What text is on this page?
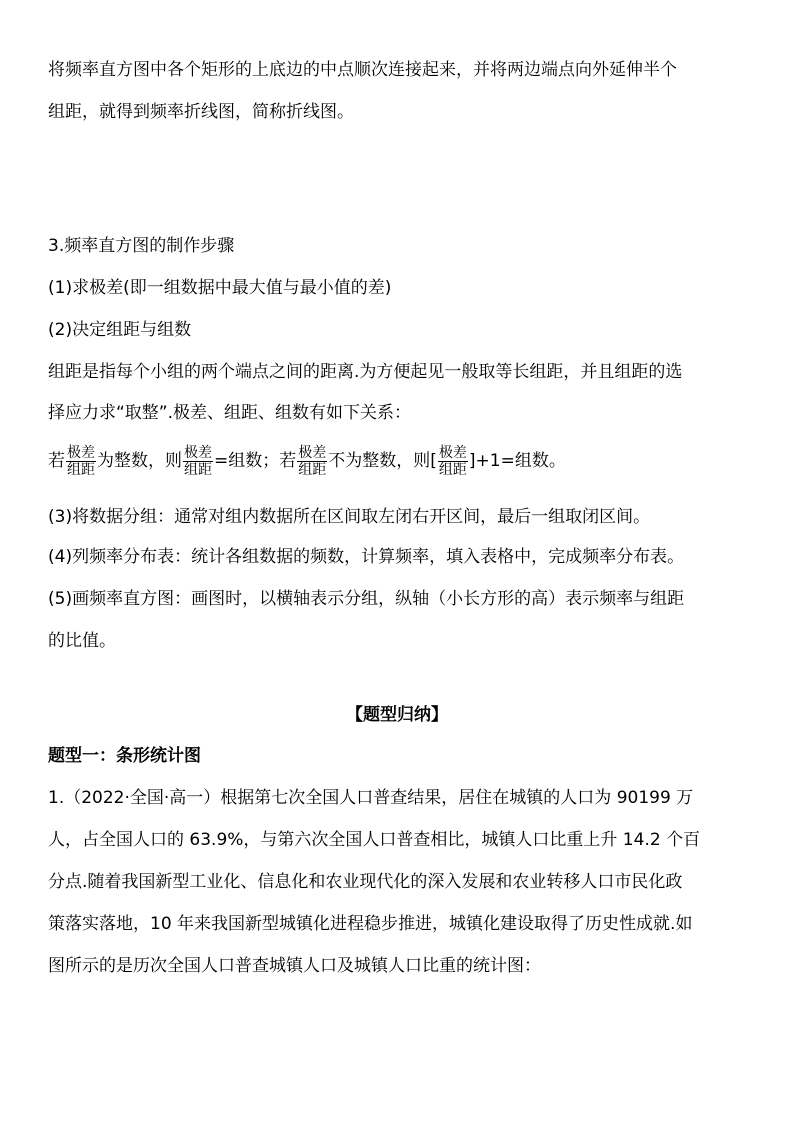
将频率直方图中各个矩形的上底边的中点顺次连接起来，并将两边端点向外延伸半个
组距，就得到频率折线图，简称折线图。
3.频率直方图的制作步骤
(1)求极差(即一组数据中最大值与最小值的差)
(2)决定组距与组数
组距是指每个小组的两个端点之间的距离.为方便起见一般取等长组距，并且组距的选
择应力求“取整”.极差、组距、组数有如下关系：
若 $\frac{\text{极差}}{\text{组距}}$ 为整数，则 $\frac{\text{极差}}{\text{组距}}$ =组数；若 $\frac{\text{极差}}{\text{组距}}$ 不为整数，则[ $\frac{\text{极差}}{\text{组距}} ]+1=$组数。
(3)将数据分组：通常对组内数据所在区间取左闭右开区间，最后一组取闭区间。
(4)列频率分布表：统计各组数据的频数，计算频率，填入表格中，完成频率分布表。
(5)画频率直方图：画图时，以横轴表示分组，纵轴（小长方形的高）表示频率与组距
的比值。
【题型归纳】
题型一：条形统计图
1.（2022·全国·高一）根据第七次全国人口普查结果，居住在城镇的人口为 90199 万
人，占全国人口的 63.9%，与第六次全国人口普查相比，城镇人口比重上升 14.2 个百
分点.随着我国新型工业化、信息化和农业现代化的深入发展和农业转移人口市民化政
策落实落地，10 年来我国新型城镇化进程稳步推进，城镇化建设取得了历史性成就.如
图所示的是历次全国人口普查城镇人口及城镇人口比重的统计图：
